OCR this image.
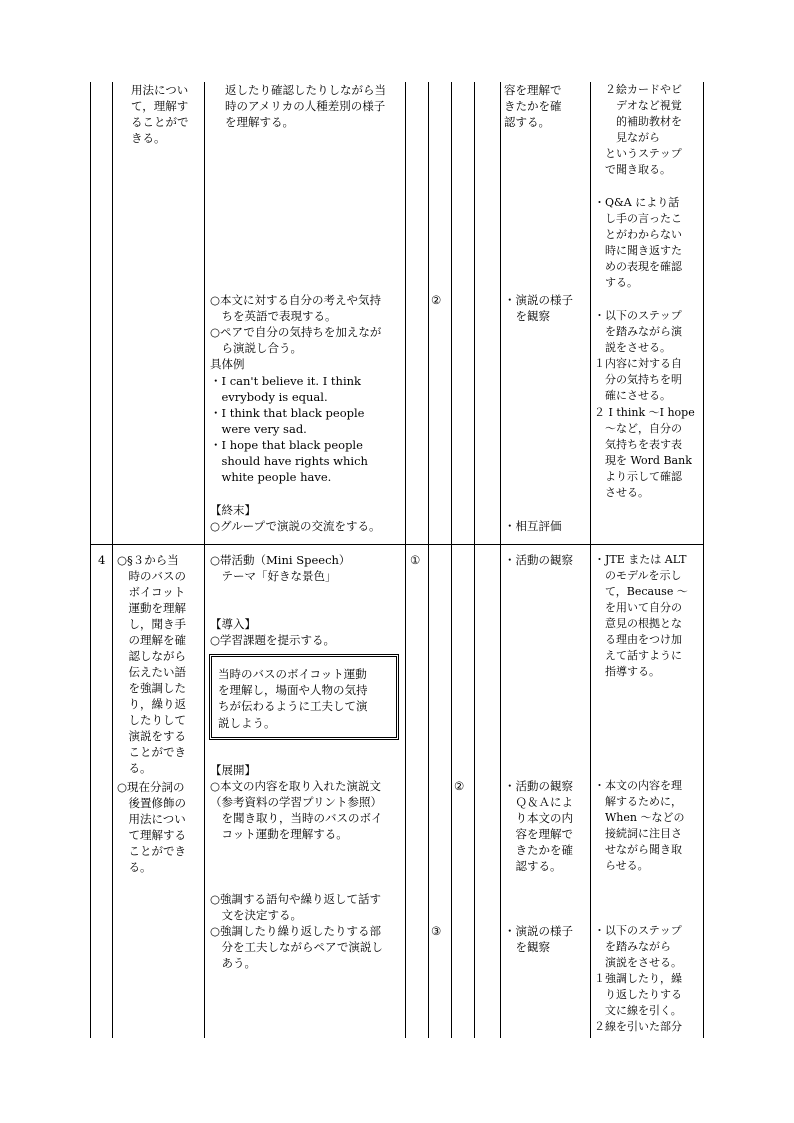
用法につい
て，理解す
ることがで
きる。
返したり確認したりしながら当
時のアメリカの人種差別の様子
を理解する。
○本文に対する自分の考えや気持
　ちを英語で表現する。
○ペアで自分の気持ちを加えなが
　ら演説し合う。
具体例
・I can't believe it. I think
　evrybody is equal.
・I think that black people
　were very sad.
・I hope that black people
　should have rights which
　white people have.
【終末】
○グループで演説の交流をする。
②
容を理解で
きたかを確
認する。
・演説の様子
　を観察
・相互評価
　２絵カードやビ
　　デオなど視覚
　　的補助教材を
　　見ながら
　というステップ
　で聞き取る。
・Q&A により話
　し手の言ったこ
　とがわからない
　時に聞き返すた
　めの表現を確認
　する。
・以下のステップ
　を踏みながら演
　説をさせる。
１内容に対する自
　分の気持ちを明
　確にさせる。
２ I think ～I hope
　～など，自分の
　気持ちを表す表
　現を Word Bank
　より示して確認
　させる。
4 ○§３から当
　時のバスの
　ボイコット
　運動を理解
　し，聞き手
　の理解を確
　認しながら
　伝えたい語
　を強調した
　り，繰り返
　したりして
　演説をする
　ことができ
　る。
○現在分詞の
　後置修飾の
　用法につい
　て理解する
　ことができ
　る。
○帯活動（Mini Speech）
　テーマ「好きな景色」
【導入】
○学習課題を提示する。
当時のバスのボイコット運動
を理解し，場面や人物の気持
ちが伝わるように工夫して演
説しよう。
【展開】
○本文の内容を取り入れた演説文
（参考資料の学習プリント参照）
　を聞き取り，当時のバスのボイ
　コット運動を理解する。
○強調する語句や繰り返して話す
　文を決定する。
○強調したり繰り返したりする部
　分を工夫しながらペアで演説し
　あう。
①
②
③
・活動の観察
・活動の観察
　Ｑ＆Ａによ
　り本文の内
　容を理解で
　きたかを確
　認する。
・演説の様子
　を観察
・JTE または ALT
　のモデルを示し
　て，Because ～
　を用いて自分の
　意見の根拠とな
　る理由をつけ加
　えて話すように
　指導する。
・本文の内容を理
　解するために，
　When ～などの
　接続詞に注目さ
　せながら聞き取
　らせる。
・以下のステップ
　を踏みながら
　演説をさせる。
１強調したり，繰
　り返したりする
　文に線を引く。
２線を引いた部分
